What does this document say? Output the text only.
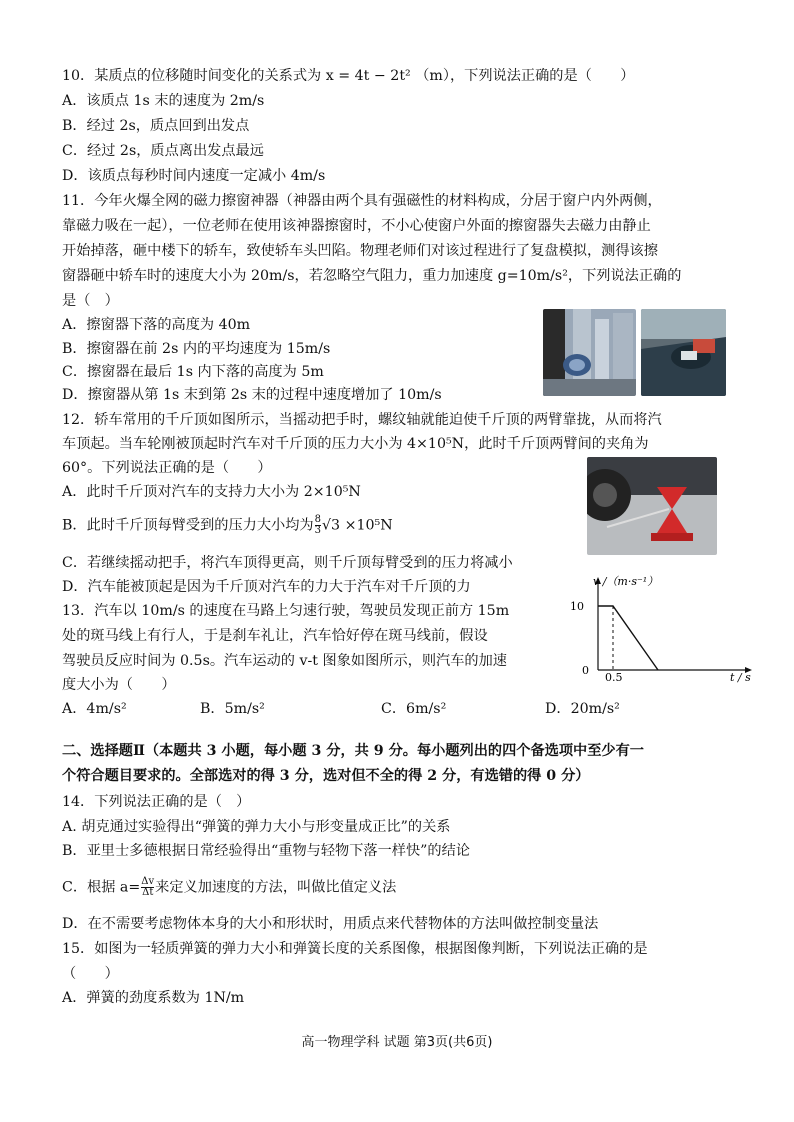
10．某质点的位移随时间变化的关系式为 x = 4t − 2t² （m），下列说法正确的是（　　）
A．该质点 1s 末的速度为 2m/s
B．经过 2s，质点回到出发点
C．经过 2s，质点离出发点最远
D．该质点每秒时间内速度一定减小 4m/s
11．今年火爆全网的磁力擦窗神器（神器由两个具有强磁性的材料构成，分居于窗户内外两侧，
靠磁力吸在一起），一位老师在使用该神器擦窗时，不小心使窗户外面的擦窗器失去磁力由静止
开始掉落，砸中楼下的轿车，致使轿车头凹陷。物理老师们对该过程进行了复盘模拟，测得该擦
窗器砸中轿车时的速度大小为 20m/s，若忽略空气阻力，重力加速度 g=10m/s²，下列说法正确的
是（　）
A．擦窗器下落的高度为 40m
B．擦窗器在前 2s 内的平均速度为 15m/s
C．擦窗器在最后 1s 内下落的高度为 5m
D．擦窗器从第 1s 末到第 2s 末的过程中速度增加了 10m/s
12．轿车常用的千斤顶如图所示，当摇动把手时，螺纹轴就能迫使千斤顶的两臂靠拢，从而将汽
车顶起。当车轮刚被顶起时汽车对千斤顶的压力大小为 4×10⁵N，此时千斤顶两臂间的夹角为
60°。下列说法正确的是（　　）
A．此时千斤顶对汽车的支持力大小为 2×10⁵N
B．此时千斤顶每臂受到的压力大小均为 $\frac{8}{3} √3 \times 10^5N$
C．若继续摇动把手，将汽车顶得更高，则千斤顶每臂受到的压力将减小
D．汽车能被顶起是因为千斤顶对汽车的力大于汽车对千斤顶的力
13．汽车以 10m/s 的速度在马路上匀速行驶，驾驶员发现正前方 15m
处的斑马线上有行人，于是刹车礼让，汽车恰好停在斑马线前，假设
驾驶员反应时间为 0.5s。汽车运动的 v-t 图象如图所示，则汽车的加速
度大小为（　　）
A．4m/s²	B．5m/s²	C．6m/s²	D．20m/s²
v /（m·s⁻¹）
t / s
10
0.5
0
二、选择题Ⅱ（本题共 3 小题，每小题 3 分，共 9 分。每小题列出的四个备选项中至少有一
个符合题目要求的。全部选对的得 3 分，选对但不全的得 2 分，有选错的得 0 分）
14．下列说法正确的是（　）
A. 胡克通过实验得出“弹簧的弹力大小与形变量成正比”的关系
B．亚里士多德根据日常经验得出“重物与轻物下落一样快”的结论
C．根据 $a= \frac{\Delta v}{\Delta t}$ 来定义加速度的方法，叫做比值定义法
D．在不需要考虑物体本身的大小和形状时，用质点来代替物体的方法叫做控制变量法
15．如图为一轻质弹簧的弹力大小和弹簧长度的关系图像，根据图像判断，下列说法正确的是
（　　）
A．弹簧的劲度系数为 1N/m
高一物理学科 试题 第3页(共6页)
